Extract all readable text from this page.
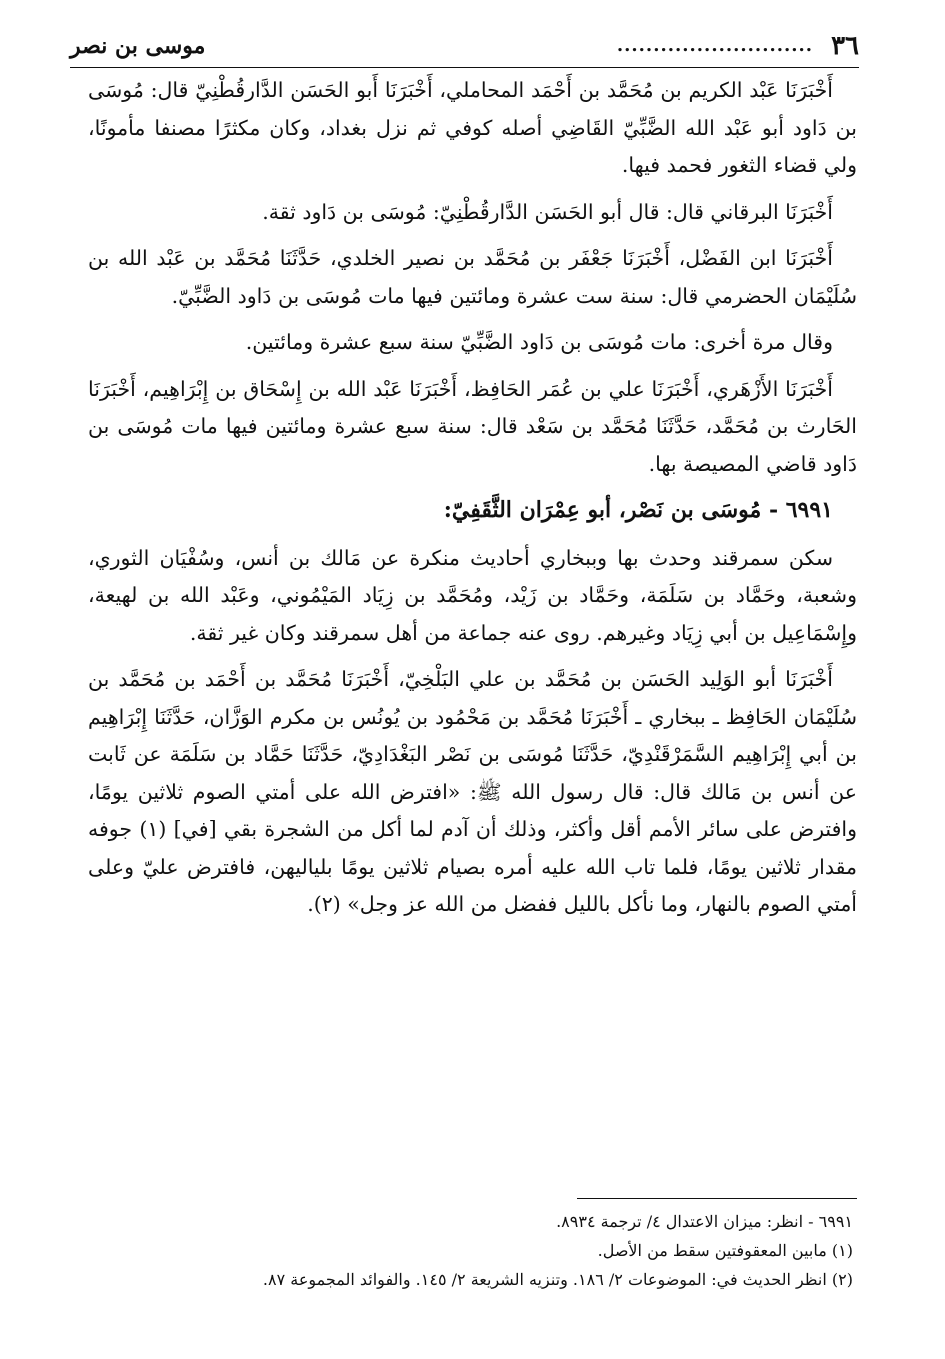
٣٦
...........................
موسى بن نصر

أَخْبَرَنَا عَبْد الكريم بن مُحَمَّد بن أَحْمَد المحاملي، أَخْبَرَنَا أَبو الحَسَن الدَّارقُطْنِيّ قال: مُوسَى بن دَاود أبو عَبْد الله الضَّبِّيّ القَاضِي أصله كوفي ثم نزل بغداد، وكان مكثرًا مصنفا مأمونًا، ولي قضاء الثغور فحمد فيها.

أَخْبَرَنَا البرقاني قال: قال أبو الحَسَن الدَّارقُطْنِيّ: مُوسَى بن دَاود ثقة.

أَخْبَرَنَا ابن الفَضْل، أَخْبَرَنَا جَعْفَر بن مُحَمَّد بن نصير الخلدي، حَدَّثَنَا مُحَمَّد بن عَبْد الله بن سُلَيْمَان الحضرمي قال: سنة ست عشرة ومائتين فيها مات مُوسَى بن دَاود الضَّبِّيّ.

وقال مرة أخرى: مات مُوسَى بن دَاود الضَّبِّيّ سنة سبع عشرة ومائتين.

أَخْبَرَنَا الأَزْهَري، أَخْبَرَنَا علي بن عُمَر الحَافِظ، أَخْبَرَنَا عَبْد الله بن إِسْحَاق بن إِبْرَاهِيم، أَخْبَرَنَا الحَارث بن مُحَمَّد، حَدَّثَنَا مُحَمَّد بن سَعْد قال: سنة سبع عشرة ومائتين فيها مات مُوسَى بن دَاود قاضي المصيصة بها.

٦٩٩١ - مُوسَى بن نَصْر، أبو عِمْرَان الثَّقَفِيّ:

سكن سمرقند وحدث بها وببخاري أحاديث منكرة عن مَالك بن أنس، وسُفْيَان الثوري، وشعبة، وحَمَّاد بن سَلَمَة، وحَمَّاد بن زَيْد، ومُحَمَّد بن زِيَاد المَيْمُوني، وعَبْد الله بن لهيعة، وإِسْمَاعِيل بن أبي زِيَاد وغيرهم. روى عنه جماعة من أهل سمرقند وكان غير ثقة.

أَخْبَرَنَا أبو الوَلِيد الحَسَن بن مُحَمَّد بن علي البَلْخِيّ، أَخْبَرَنَا مُحَمَّد بن أَحْمَد بن مُحَمَّد بن سُلَيْمَان الحَافِظ ـ ببخاري ـ أَخْبَرَنَا مُحَمَّد بن مَحْمُود بن يُونُس بن مكرم الوَزَّان، حَدَّثَنَا إِبْرَاهِيم بن أبي إِبْرَاهِيم السَّمَرْقَنْدِيّ، حَدَّثَنَا مُوسَى بن نَصْر البَغْدَادِيّ، حَدَّثَنَا حَمَّاد بن سَلَمَة عن ثَابت عن أنس بن مَالك قال: قال رسول الله ﷺ: «افترض الله على أمتي الصوم ثلاثين يومًا، وافترض على سائر الأمم أقل وأكثر، وذلك أن آدم لما أكل من الشجرة بقي [في] (١) جوفه مقدار ثلاثين يومًا، فلما تاب الله عليه أمره بصيام ثلاثين يومًا بلياليهن، فافترض عليّ وعلى أمتي الصوم بالنهار، وما نأكل بالليل ففضل من الله عز وجل» (٢).

٦٩٩١ - انظر: ميزان الاعتدال ٤/ ترجمة ٨٩٣٤.

(١) مابين المعقوفتين سقط من الأصل.

(٢) انظر الحديث في: الموضوعات ٢/ ١٨٦. وتنزيه الشريعة ٢/ ١٤٥. والفوائد المجموعة ٨٧.
